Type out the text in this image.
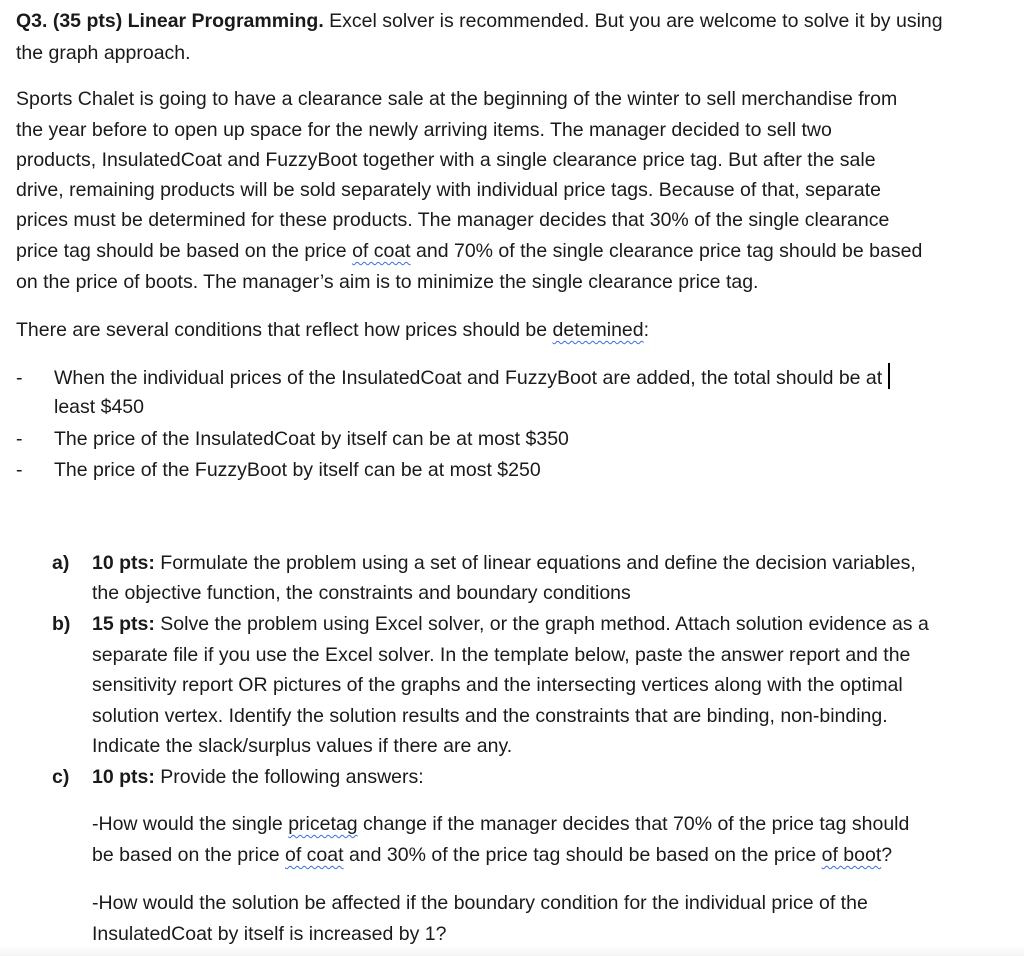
Q3. (35 pts) Linear Programming. Excel solver is recommended. But you are welcome to solve it by using
the graph approach.
Sports Chalet is going to have a clearance sale at the beginning of the winter to sell merchandise from
the year before to open up space for the newly arriving items. The manager decided to sell two
products, InsulatedCoat and FuzzyBoot together with a single clearance price tag. But after the sale
drive, remaining products will be sold separately with individual price tags. Because of that, separate
prices must be determined for these products. The manager decides that 30% of the single clearance
price tag should be based on the price of coat and 70% of the single clearance price tag should be based
on the price of boots. The manager’s aim is to minimize the single clearance price tag.
There are several conditions that reflect how prices should be detemined:
- When the individual prices of the InsulatedCoat and FuzzyBoot are added, the total should be at
least $450
- The price of the InsulatedCoat by itself can be at most $350
- The price of the FuzzyBoot by itself can be at most $250
a) 10 pts: Formulate the problem using a set of linear equations and define the decision variables,
the objective function, the constraints and boundary conditions
b) 15 pts: Solve the problem using Excel solver, or the graph method. Attach solution evidence as a
separate file if you use the Excel solver. In the template below, paste the answer report and the
sensitivity report OR pictures of the graphs and the intersecting vertices along with the optimal
solution vertex. Identify the solution results and the constraints that are binding, non-binding.
Indicate the slack/surplus values if there are any.
c) 10 pts: Provide the following answers:
-How would the single pricetag change if the manager decides that 70% of the price tag should
be based on the price of coat and 30% of the price tag should be based on the price of boot?
-How would the solution be affected if the boundary condition for the individual price of the
InsulatedCoat by itself is increased by 1?
